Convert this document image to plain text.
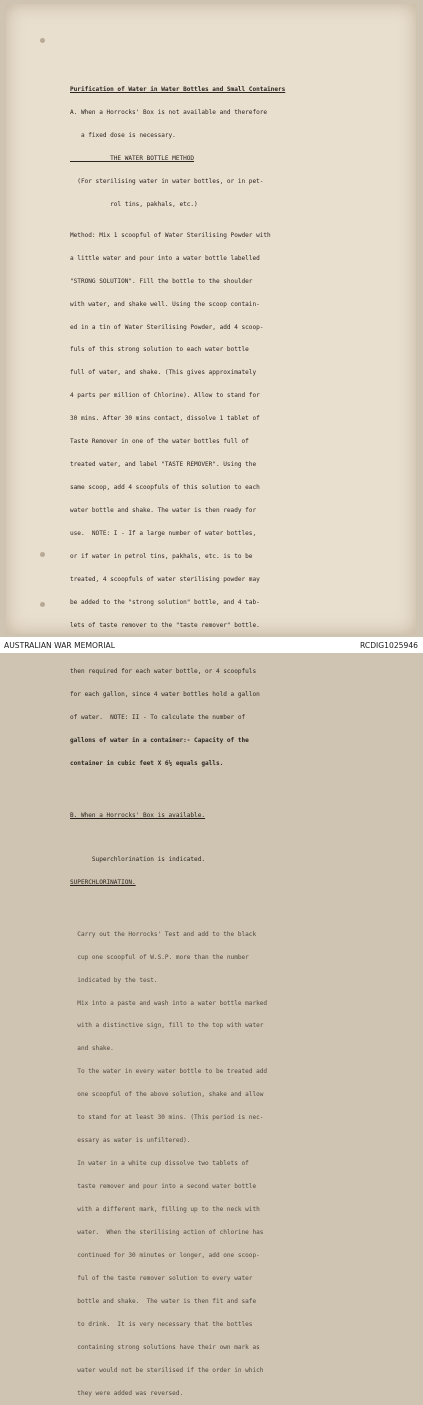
Purification of Water in Water Bottles and Small Containers

A. When a Horrocks' Box is not available and therefore

a fixed dose is necessary.

THE WATER BOTTLE METHOD

(For sterilising water in water bottles, or in pet-

rol tins, pakhals, etc.)

Method: Mix 1 scoopful of Water Sterilising Powder with

a little water and pour into a water bottle labelled

"STRONG SOLUTION". Fill the bottle to the shoulder

with water, and shake well. Using the scoop contain-

ed in a tin of Water Sterilising Powder, add 4 scoop-

fuls of this strong solution to each water bottle

full of water, and shake. (This gives approximately

4 parts per million of Chlorine). Allow to stand for

30 mins. After 30 mins contact, dissolve 1 tablet of

Taste Remover in one of the water bottles full of

treated water, and label "TASTE REMOVER". Using the

same scoop, add 4 scoopfuls of this solution to each

water bottle and shake. The water is then ready for

use.  NOTE: I - If a large number of water bottles,

or if water in petrol tins, pakhals, etc. is to be

treated, 4 scoopfuls of water sterilising powder may

be added to the "strong solution" bottle, and 4 tab-

lets of taste remover to the "taste remover" bottle.

then required for each water bottle, or 4 scoopfuls

for each gallon, since 4 water bottles hold a gallon

of water.  NOTE: II - To calculate the number of

gallons of water in a container:- Capacity of the

container in cubic feet X 6½ equals galls.

B. When a Horrocks' Box is available.

Superchlorination is indicated.

SUPERCHLORINATION.

Carry out the Horrocks' Test and add to the black

cup one scoopful of W.S.P. more than the number

indicated by the test.

Mix into a paste and wash into a water bottle marked

with a distinctive sign, fill to the top with water

and shake.

To the water in every water bottle to be treated add

one scoopful of the above solution, shake and allow

to stand for at least 30 mins. (This period is nec-

essary as water is unfiltered).

In water in a white cup dissolve two tablets of

taste remover and pour into a second water bottle

with a different mark, filling up to the neck with

water.  When the sterilising action of chlorine has

continued for 30 minutes or longer, add one scoop-

ful of the taste remover solution to every water

bottle and shake.  The water is then fit and safe

to drink.  It is very necessary that the bottles

containing strong solutions have their own mark as

water would not be sterilised if the order in which

they were added was reversed.

AUSTRALIAN WAR MEMORIAL	RCDIG1025946
